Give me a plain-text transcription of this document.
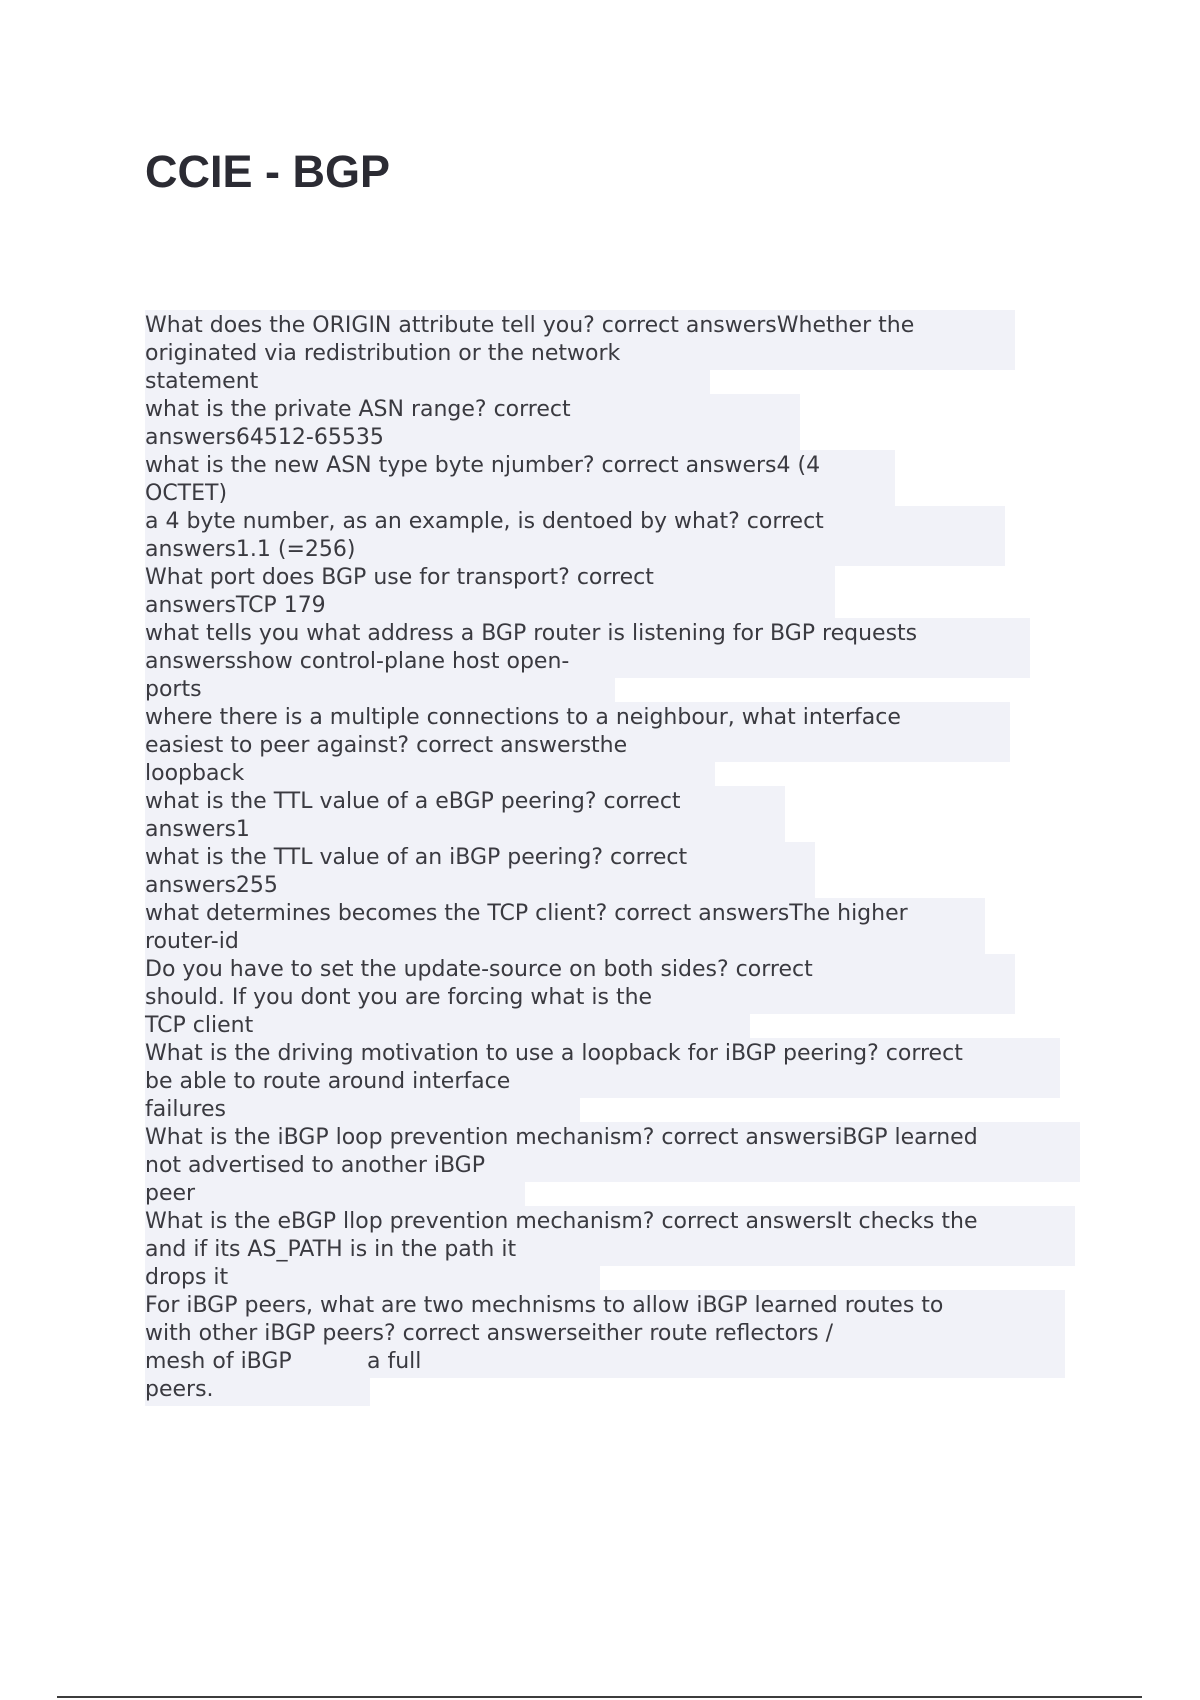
CCIE - BGP
What does the ORIGIN attribute tell you? correct answersWhether the
originated via redistribution or the network
statement
what is the private ASN range? correct
answers64512-65535
what is the new ASN type byte njumber? correct answers4 (4
OCTET)
a 4 byte number, as an example, is dentoed by what? correct
answers1.1 (=256)
What port does BGP use for transport? correct
answersTCP 179
what tells you what address a BGP router is listening for BGP requests
answersshow control-plane host open-
ports
where there is a multiple connections to a neighbour, what interface
easiest to peer against? correct answersthe
loopback
what is the TTL value of a eBGP peering? correct
answers1
what is the TTL value of an iBGP peering? correct
answers255
what determines becomes the TCP client? correct answersThe higher
router-id
Do you have to set the update-source on both sides? correct
should. If you dont you are forcing what is the
TCP client
What is the driving motivation to use a loopback for iBGP peering? correct
be able to route around interface
failures
What is the iBGP loop prevention mechanism? correct answersiBGP learned
not advertised to another iBGP
peer
What is the eBGP llop prevention mechanism? correct answersIt checks the
and if its AS_PATH is in the path it
drops it
For iBGP peers, what are two mechnisms to allow iBGP learned routes to
with other iBGP peers? correct answerseither route reflectors /
mesh of iBGP	a full
peers.
